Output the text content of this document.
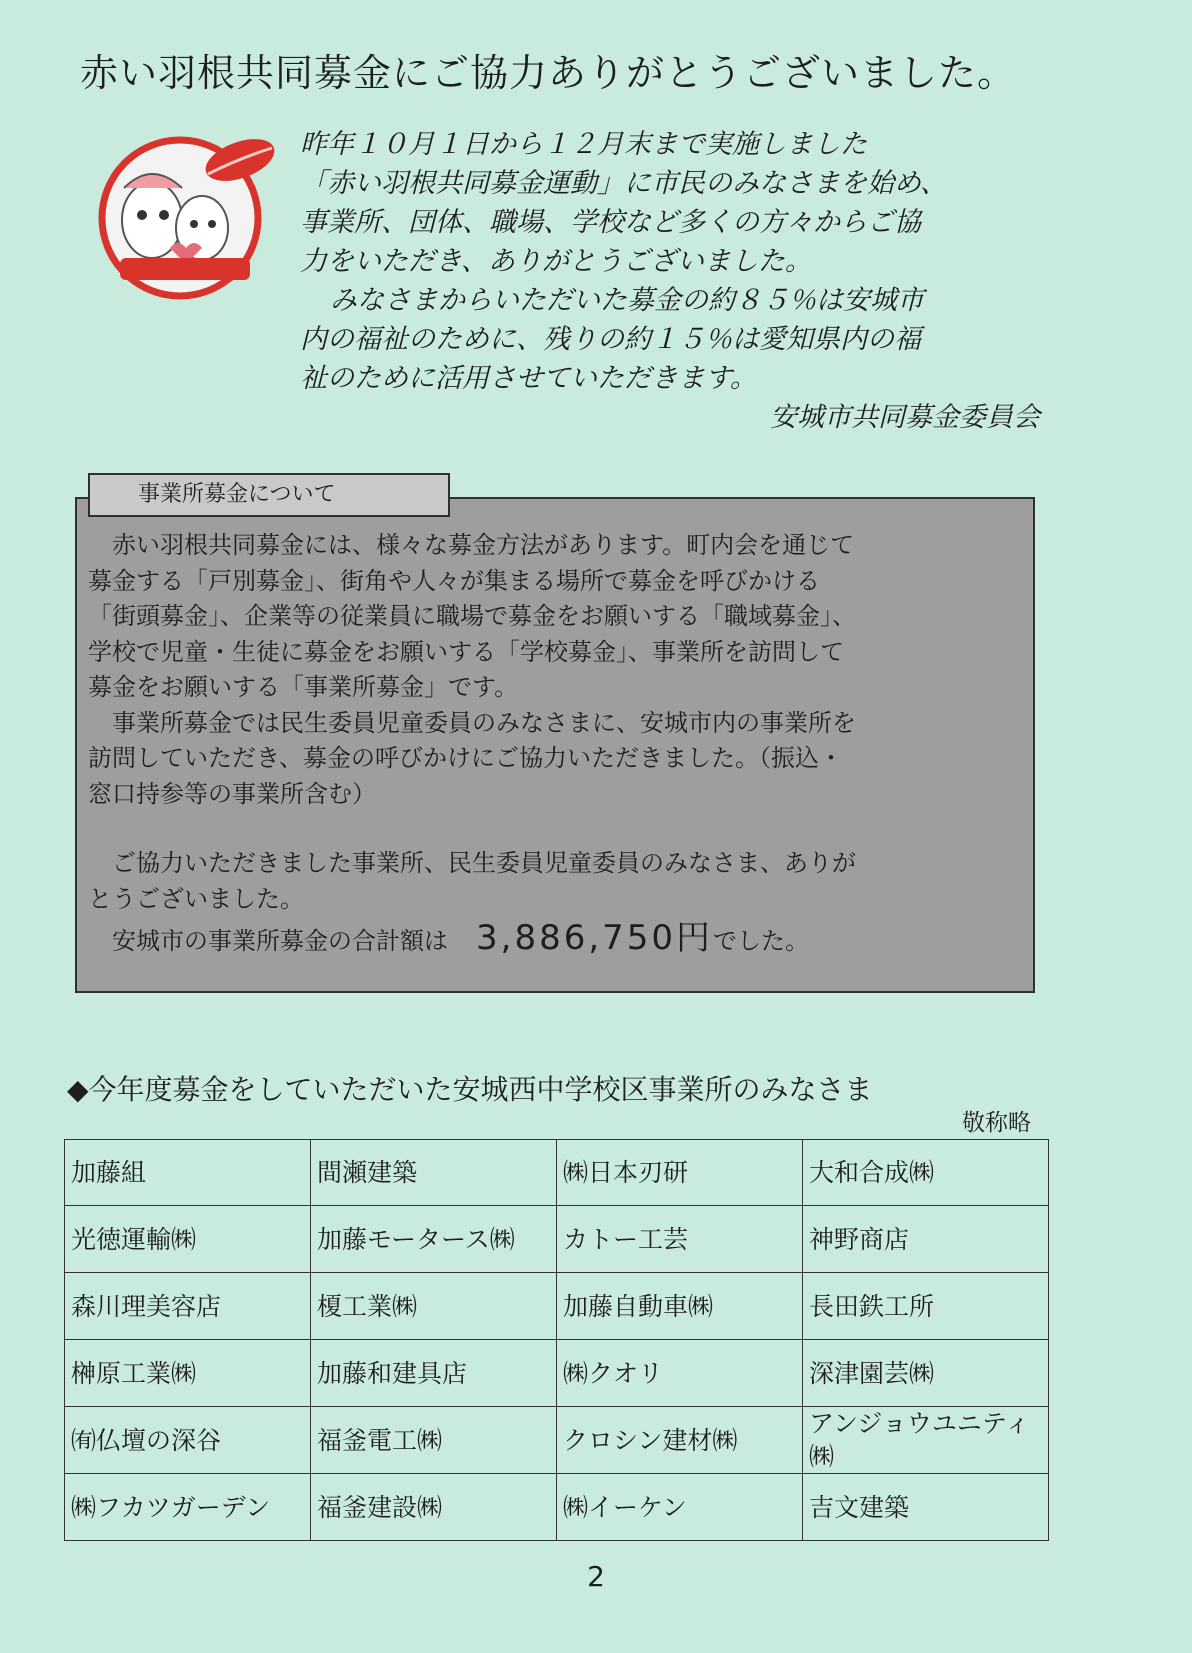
赤い羽根共同募金にご協力ありがとうございました。

昨年１０月１日から１２月末まで実施しました

「赤い羽根共同募金運動」に市民のみなさまを始め、

事業所、団体、職場、学校など多くの方々からご協

力をいただき、ありがとうございました。

みなさまからいただいた募金の約８５％は安城市

内の福祉のために、残りの約１５％は愛知県内の福

祉のために活用させていただきます。

安城市共同募金委員会

事業所募金について

赤い羽根共同募金には、様々な募金方法があります。町内会を通じて

募金する「戸別募金」、街角や人々が集まる場所で募金を呼びかける

「街頭募金」、企業等の従業員に職場で募金をお願いする「職域募金」、

学校で児童・生徒に募金をお願いする「学校募金」、事業所を訪問して

募金をお願いする「事業所募金」です。

事業所募金では民生委員児童委員のみなさまに、安城市内の事業所を

訪問していただき、募金の呼びかけにご協力いただきました。（振込・

窓口持参等の事業所含む）

ご協力いただきました事業所、民生委員児童委員のみなさま、ありが

とうございました。

安城市の事業所募金の合計額は 3,886,750円でした。

◆今年度募金をしていただいた安城西中学校区事業所のみなさま
敬称略
加藤組	間瀬建築	㈱日本刃研	大和合成㈱
光徳運輸㈱	加藤モータース㈱	カトー工芸	神野商店
森川理美容店	榎工業㈱	加藤自動車㈱	長田鉄工所
榊原工業㈱	加藤和建具店	㈱クオリ	深津園芸㈱
㈲仏壇の深谷	福釜電工㈱	クロシン建材㈱	アンジョウユニティ㈱
㈱フカツガーデン	福釜建設㈱	㈱イーケン	吉文建築
2
